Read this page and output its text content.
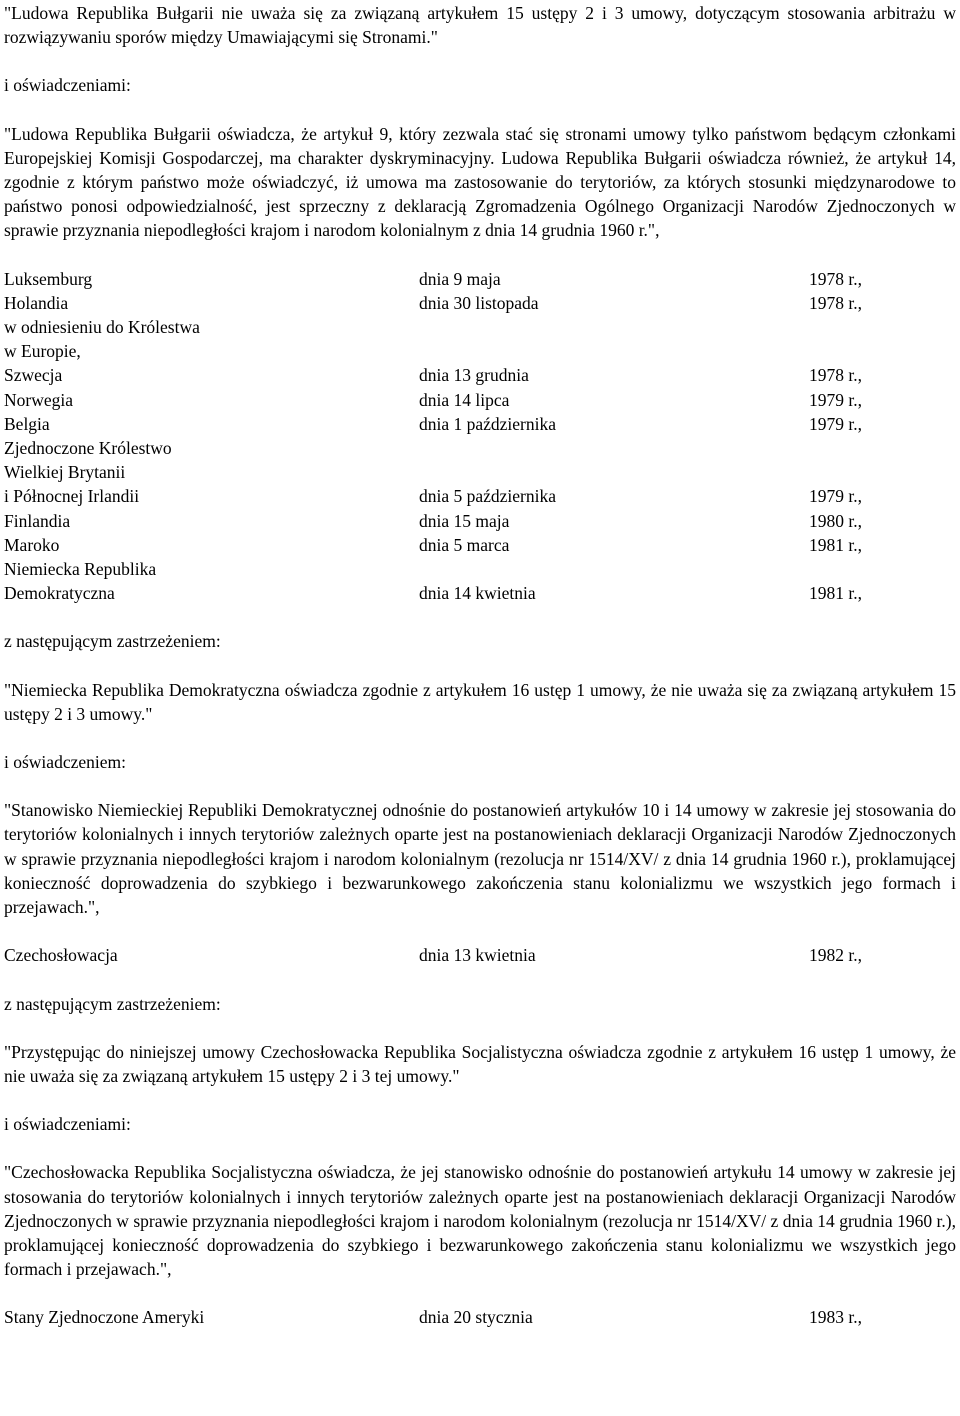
"Ludowa Republika Bułgarii nie uważa się za związaną artykułem 15 ustępy 2 i 3 umowy, dotyczącym stosowania arbitrażu w rozwiązywaniu sporów między Umawiającymi się Stronami."

i oświadczeniami:

"Ludowa Republika Bułgarii oświadcza, że artykuł 9, który zezwala stać się stronami umowy tylko państwom będącym członkami Europejskiej Komisji Gospodarczej, ma charakter dyskryminacyjny. Ludowa Republika Bułgarii oświadcza również, że artykuł 14, zgodnie z którym państwo może oświadczyć, iż umowa ma zastosowanie do terytoriów, za których stosunki międzynarodowe to państwo ponosi odpowiedzialność, jest sprzeczny z deklaracją Zgromadzenia Ogólnego Organizacji Narodów Zjednoczonych w sprawie przyznania niepodległości krajom i narodom kolonialnym z dnia 14 grudnia 1960 r.",

Luksemburg	dnia 9 maja	1978 r.,
Holandia	dnia 30 listopada	1978 r.,
w odniesieniu do Królestwa
w Europie,
Szwecja	dnia 13 grudnia	1978 r.,
Norwegia	dnia 14 lipca	1979 r.,
Belgia	dnia 1 października	1979 r.,
Zjednoczone Królestwo
Wielkiej Brytanii
i Północnej Irlandii	dnia 5 października	1979 r.,
Finlandia	dnia 15 maja	1980 r.,
Maroko	dnia 5 marca	1981 r.,
Niemiecka Republika
Demokratyczna	dnia 14 kwietnia	1981 r.,

z następującym zastrzeżeniem:

"Niemiecka Republika Demokratyczna oświadcza zgodnie z artykułem 16 ustęp 1 umowy, że nie uważa się za związaną artykułem 15 ustępy 2 i 3 umowy."

i oświadczeniem:

"Stanowisko Niemieckiej Republiki Demokratycznej odnośnie do postanowień artykułów 10 i 14 umowy w zakresie jej stosowania do terytoriów kolonialnych i innych terytoriów zależnych oparte jest na postanowieniach deklaracji Organizacji Narodów Zjednoczonych w sprawie przyznania niepodległości krajom i narodom kolonialnym (rezolucja nr 1514/XV/ z dnia 14 grudnia 1960 r.), proklamującej konieczność doprowadzenia do szybkiego i bezwarunkowego zakończenia stanu kolonializmu we wszystkich jego formach i przejawach.",

Czechosłowacja	dnia 13 kwietnia	1982 r.,

z następującym zastrzeżeniem:

"Przystępując do niniejszej umowy Czechosłowacka Republika Socjalistyczna oświadcza zgodnie z artykułem 16 ustęp 1 umowy, że nie uważa się za związaną artykułem 15 ustępy 2 i 3 tej umowy."

i oświadczeniami:

"Czechosłowacka Republika Socjalistyczna oświadcza, że jej stanowisko odnośnie do postanowień artykułu 14 umowy w zakresie jej stosowania do terytoriów kolonialnych i innych terytoriów zależnych oparte jest na postanowieniach deklaracji Organizacji Narodów Zjednoczonych w sprawie przyznania niepodległości krajom i narodom kolonialnym (rezolucja nr 1514/XV/ z dnia 14 grudnia 1960 r.), proklamującej konieczność doprowadzenia do szybkiego i bezwarunkowego zakończenia stanu kolonializmu we wszystkich jego formach i przejawach.",

Stany Zjednoczone Ameryki	dnia 20 stycznia	1983 r.,
